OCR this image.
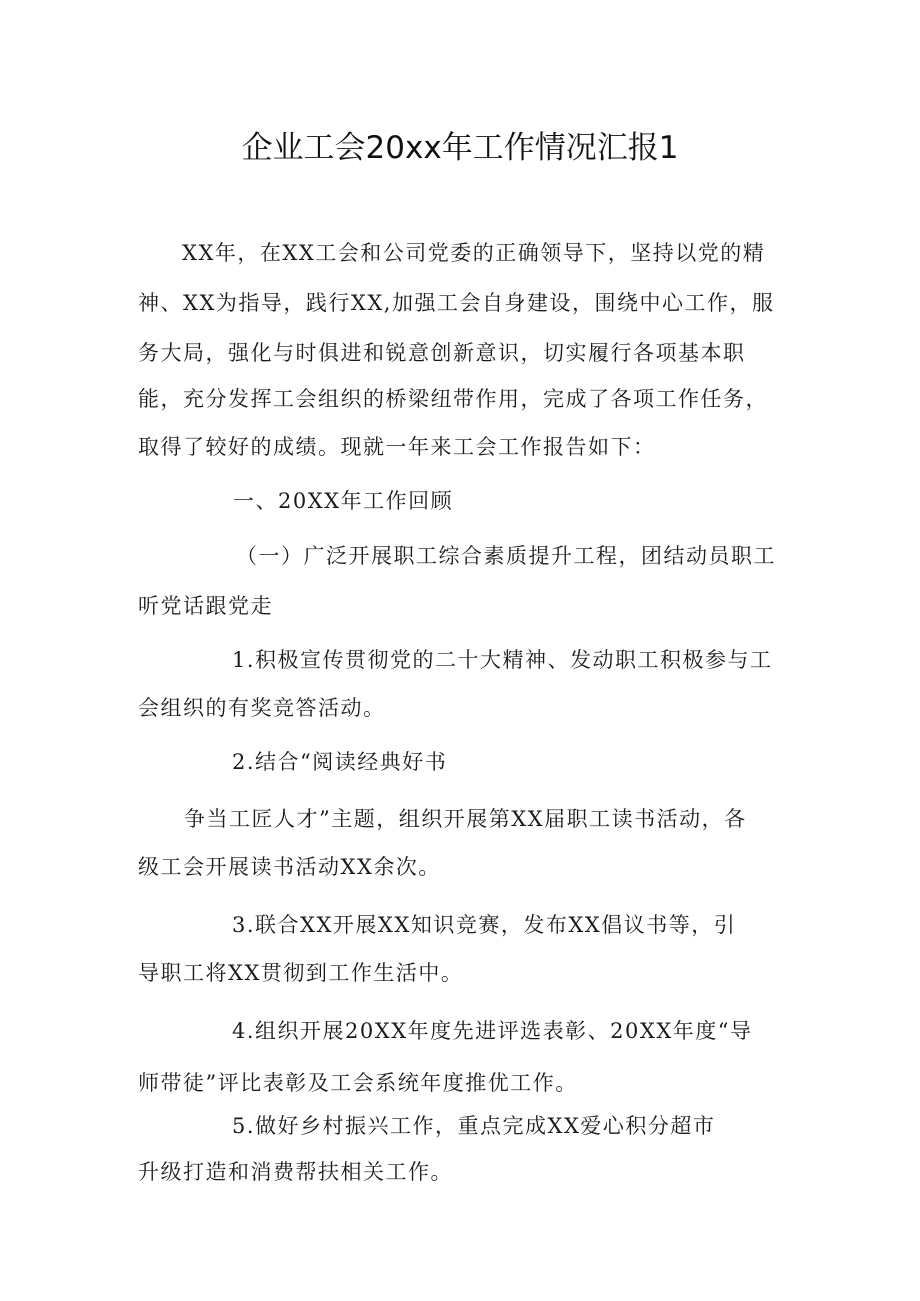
企业工会20xx年工作情况汇报1
XX年，在XX工会和公司党委的正确领导下，坚持以党的精
神、XX为指导，践行XX,加强工会自身建设，围绕中心工作，服
务大局，强化与时俱进和锐意创新意识，切实履行各项基本职
能，充分发挥工会组织的桥梁纽带作用，完成了各项工作任务，
取得了较好的成绩。现就一年来工会工作报告如下：
一、20XX年工作回顾
（一）广泛开展职工综合素质提升工程，团结动员职工
听党话跟党走
1.积极宣传贯彻党的二十大精神、发动职工积极参与工
会组织的有奖竞答活动。
2.结合“阅读经典好书
争当工匠人才”主题，组织开展第XX届职工读书活动，各
级工会开展读书活动XX余次。
3.联合XX开展XX知识竞赛，发布XX倡议书等，引
导职工将XX贯彻到工作生活中。
4.组织开展20XX年度先进评选表彰、20XX年度“导
师带徒”评比表彰及工会系统年度推优工作。
5.做好乡村振兴工作，重点完成XX爱心积分超市
升级打造和消费帮扶相关工作。
